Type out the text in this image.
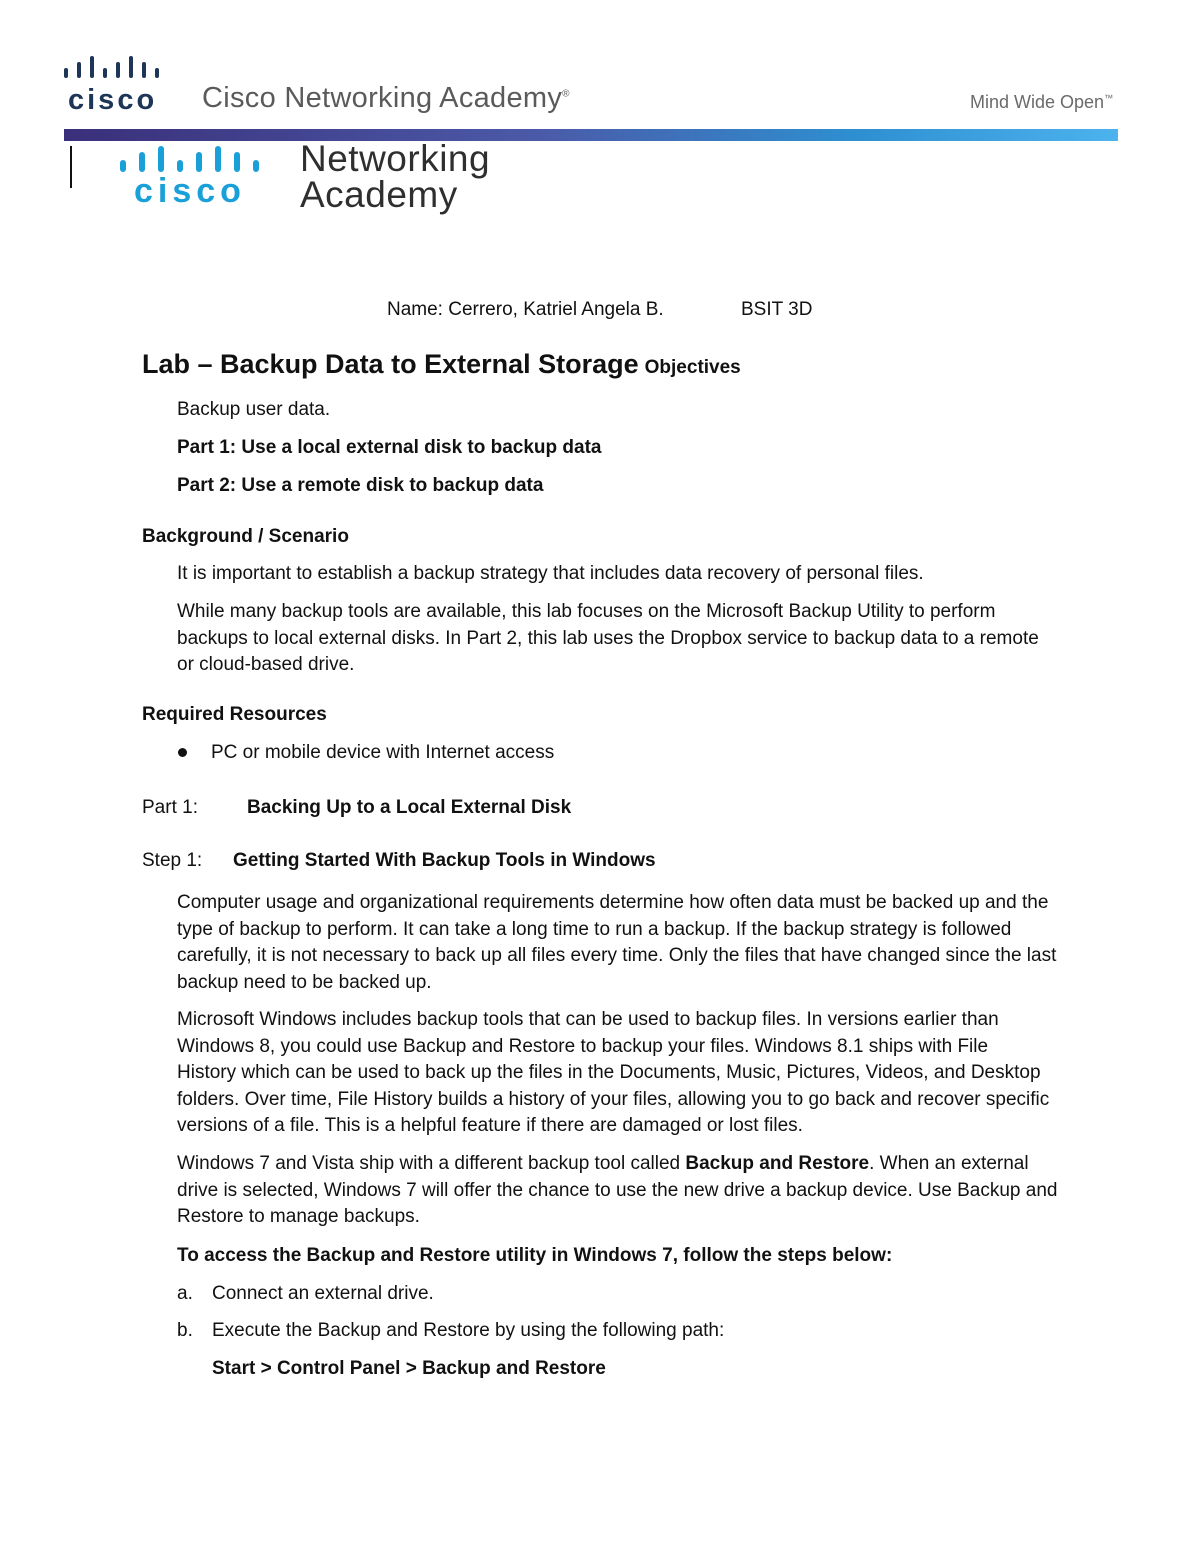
cisco Cisco Networking Academy®	Mind Wide Open™
cisco
Networking
Academy
Name: Cerrero, Katriel Angela B.	BSIT 3D
Lab – Backup Data to External Storage Objectives
Backup user data.
Part 1: Use a local external disk to backup data
Part 2: Use a remote disk to backup data
Background / Scenario
It is important to establish a backup strategy that includes data recovery of personal files.
While many backup tools are available, this lab focuses on the Microsoft Backup Utility to perform backups to local external disks. In Part 2, this lab uses the Dropbox service to backup data to a remote or cloud-based drive.
Required Resources
PC or mobile device with Internet access
Part 1:	Backing Up to a Local External Disk
Step 1: Getting Started With Backup Tools in Windows
Computer usage and organizational requirements determine how often data must be backed up and the type of backup to perform. It can take a long time to run a backup. If the backup strategy is followed carefully, it is not necessary to back up all files every time. Only the files that have changed since the last backup need to be backed up.
Microsoft Windows includes backup tools that can be used to backup files. In versions earlier than Windows 8, you could use Backup and Restore to backup your files. Windows 8.1 ships with File History which can be used to back up the files in the Documents, Music, Pictures, Videos, and Desktop folders. Over time, File History builds a history of your files, allowing you to go back and recover specific versions of a file. This is a helpful feature if there are damaged or lost files.
Windows 7 and Vista ship with a different backup tool called Backup and Restore. When an external drive is selected, Windows 7 will offer the chance to use the new drive a backup device. Use Backup and Restore to manage backups.
To access the Backup and Restore utility in Windows 7, follow the steps below:
a. Connect an external drive.
b. Execute the Backup and Restore by using the following path:
Start > Control Panel > Backup and Restore
